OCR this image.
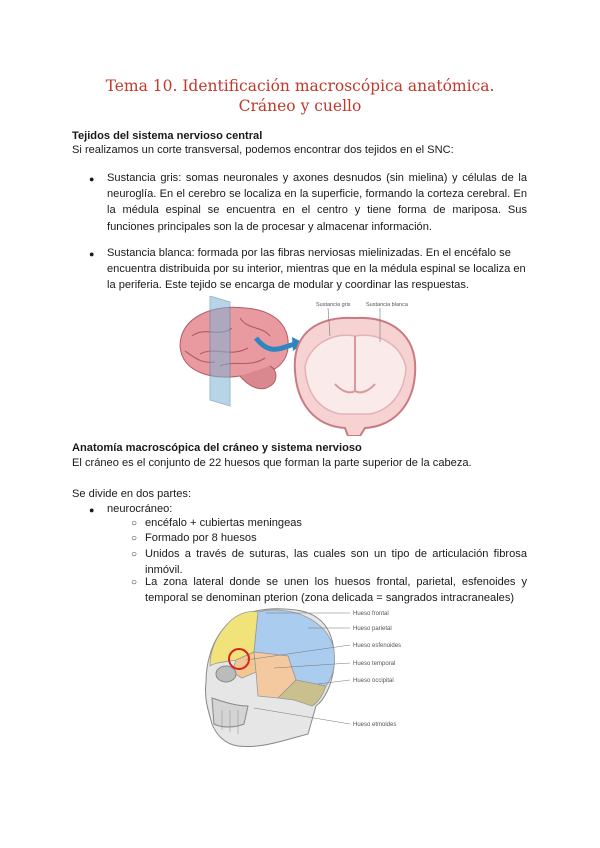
Tema 10. Identificación macroscópica anatómica.
Cráneo y cuello
Tejidos del sistema nervioso central
Si realizamos un corte transversal, podemos encontrar dos tejidos en el SNC:
● Sustancia gris: somas neuronales y axones desnudos (sin mielina) y células de la neuroglía. En el cerebro se localiza en la superficie, formando la corteza cerebral. En la médula espinal se encuentra en el centro y tiene forma de mariposa. Sus funciones principales son la de procesar y almacenar información.
● Sustancia blanca: formada por las fibras nerviosas mielinizadas. En el encéfalo se encuentra distribuida por su interior, mientras que en la médula espinal se localiza en la periferia. Este tejido se encarga de modular y coordinar las respuestas.
Sustancia gris	Sustancia blanca
Anatomía macroscópica del cráneo y sistema nervioso
El cráneo es el conjunto de 22 huesos que forman la parte superior de la cabeza.
Se divide en dos partes:
● neurocráneo:
○ encéfalo + cubiertas meningeas
○ Formado por 8 huesos
○ Unidos a través de suturas, las cuales son un tipo de articulación fibrosa inmóvil.
○ La zona lateral donde se unen los huesos frontal, parietal, esfenoides y temporal se denominan pterion (zona delicada = sangrados intracraneales)
Hueso frontal
Hueso parietal
Hueso esfenoides
Hueso temporal
Hueso occipital
Hueso etmoides
